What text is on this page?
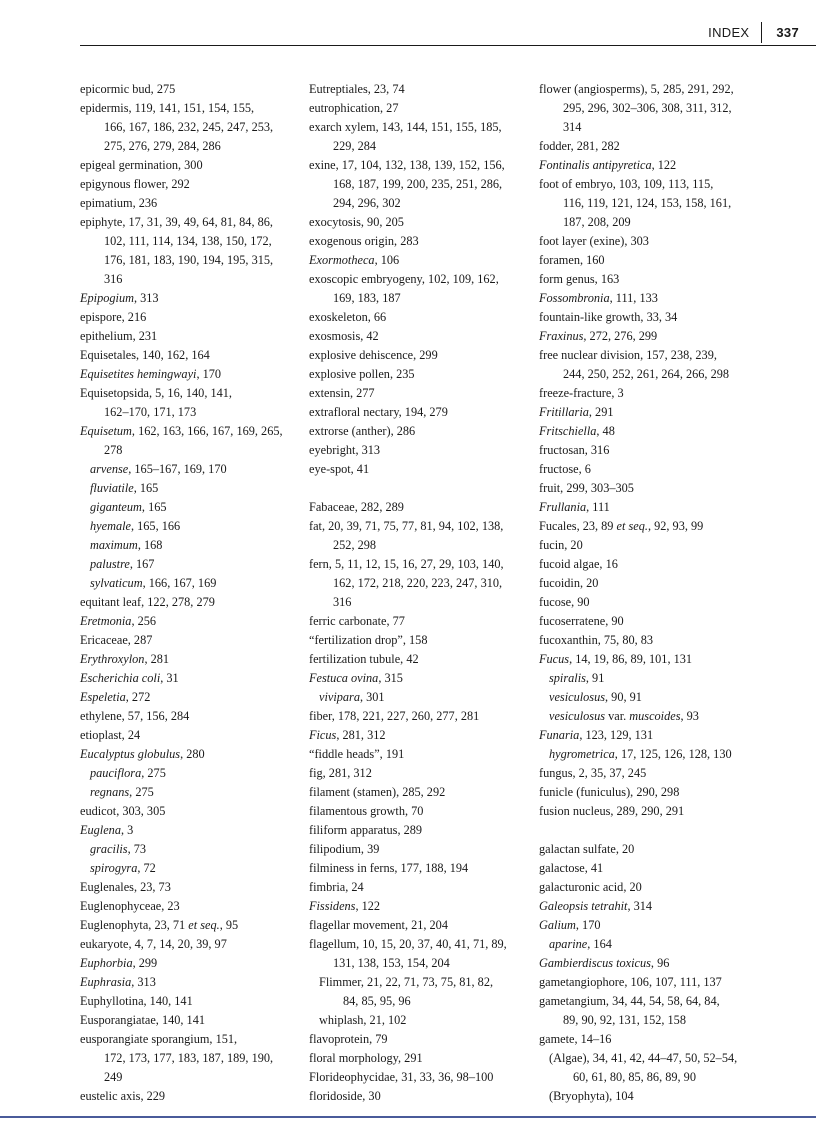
INDEX	337
epicormic bud, 275
epidermis, 119, 141, 151, 154, 155,
166, 167, 186, 232, 245, 247, 253,
275, 276, 279, 284, 286
epigeal germination, 300
epigynous flower, 292
epimatium, 236
epiphyte, 17, 31, 39, 49, 64, 81, 84, 86,
102, 111, 114, 134, 138, 150, 172,
176, 181, 183, 190, 194, 195, 315,
316
Epipogium, 313
epispore, 216
epithelium, 231
Equisetales, 140, 162, 164
Equisetites hemingwayi, 170
Equisetopsida, 5, 16, 140, 141,
162–170, 171, 173
Equisetum, 162, 163, 166, 167, 169, 265,
278
arvense, 165–167, 169, 170
fluviatile, 165
giganteum, 165
hyemale, 165, 166
maximum, 168
palustre, 167
sylvaticum, 166, 167, 169
equitant leaf, 122, 278, 279
Eretmonia, 256
Ericaceae, 287
Erythroxylon, 281
Escherichia coli, 31
Espeletia, 272
ethylene, 57, 156, 284
etioplast, 24
Eucalyptus globulus, 280
pauciflora, 275
regnans, 275
eudicot, 303, 305
Euglena, 3
gracilis, 73
spirogyra, 72
Euglenales, 23, 73
Euglenophyceae, 23
Euglenophyta, 23, 71 et seq., 95
eukaryote, 4, 7, 14, 20, 39, 97
Euphorbia, 299
Euphrasia, 313
Euphyllotina, 140, 141
Eusporangiatae, 140, 141
eusporangiate sporangium, 151,
172, 173, 177, 183, 187, 189, 190,
249
eustelic axis, 229
Eutreptiales, 23, 74
eutrophication, 27
exarch xylem, 143, 144, 151, 155, 185,
229, 284
exine, 17, 104, 132, 138, 139, 152, 156,
168, 187, 199, 200, 235, 251, 286,
294, 296, 302
exocytosis, 90, 205
exogenous origin, 283
Exormotheca, 106
exoscopic embryogeny, 102, 109, 162,
169, 183, 187
exoskeleton, 66
exosmosis, 42
explosive dehiscence, 299
explosive pollen, 235
extensin, 277
extrafloral nectary, 194, 279
extrorse (anther), 286
eyebright, 313
eye-spot, 41
Fabaceae, 282, 289
fat, 20, 39, 71, 75, 77, 81, 94, 102, 138,
252, 298
fern, 5, 11, 12, 15, 16, 27, 29, 103, 140,
162, 172, 218, 220, 223, 247, 310,
316
ferric carbonate, 77
“fertilization drop”, 158
fertilization tubule, 42
Festuca ovina, 315
vivipara, 301
fiber, 178, 221, 227, 260, 277, 281
Ficus, 281, 312
“fiddle heads”, 191
fig, 281, 312
filament (stamen), 285, 292
filamentous growth, 70
filiform apparatus, 289
filipodium, 39
filminess in ferns, 177, 188, 194
fimbria, 24
Fissidens, 122
flagellar movement, 21, 204
flagellum, 10, 15, 20, 37, 40, 41, 71, 89,
131, 138, 153, 154, 204
Flimmer, 21, 22, 71, 73, 75, 81, 82,
84, 85, 95, 96
whiplash, 21, 102
flavoprotein, 79
floral morphology, 291
Florideophycidae, 31, 33, 36, 98–100
floridoside, 30
flower (angiosperms), 5, 285, 291, 292,
295, 296, 302–306, 308, 311, 312,
314
fodder, 281, 282
Fontinalis antipyretica, 122
foot of embryo, 103, 109, 113, 115,
116, 119, 121, 124, 153, 158, 161,
187, 208, 209
foot layer (exine), 303
foramen, 160
form genus, 163
Fossombronia, 111, 133
fountain-like growth, 33, 34
Fraxinus, 272, 276, 299
free nuclear division, 157, 238, 239,
244, 250, 252, 261, 264, 266, 298
freeze-fracture, 3
Fritillaria, 291
Fritschiella, 48
fructosan, 316
fructose, 6
fruit, 299, 303–305
Frullania, 111
Fucales, 23, 89 et seq., 92, 93, 99
fucin, 20
fucoid algae, 16
fucoidin, 20
fucose, 90
fucoserratene, 90
fucoxanthin, 75, 80, 83
Fucus, 14, 19, 86, 89, 101, 131
spiralis, 91
vesiculosus, 90, 91
vesiculosus var. muscoides, 93
Funaria, 123, 129, 131
hygrometrica, 17, 125, 126, 128, 130
fungus, 2, 35, 37, 245
funicle (funiculus), 290, 298
fusion nucleus, 289, 290, 291
galactan sulfate, 20
galactose, 41
galacturonic acid, 20
Galeopsis tetrahit, 314
Galium, 170
aparine, 164
Gambierdiscus toxicus, 96
gametangiophore, 106, 107, 111, 137
gametangium, 34, 44, 54, 58, 64, 84,
89, 90, 92, 131, 152, 158
gamete, 14–16
(Algae), 34, 41, 42, 44–47, 50, 52–54,
60, 61, 80, 85, 86, 89, 90
(Bryophyta), 104
